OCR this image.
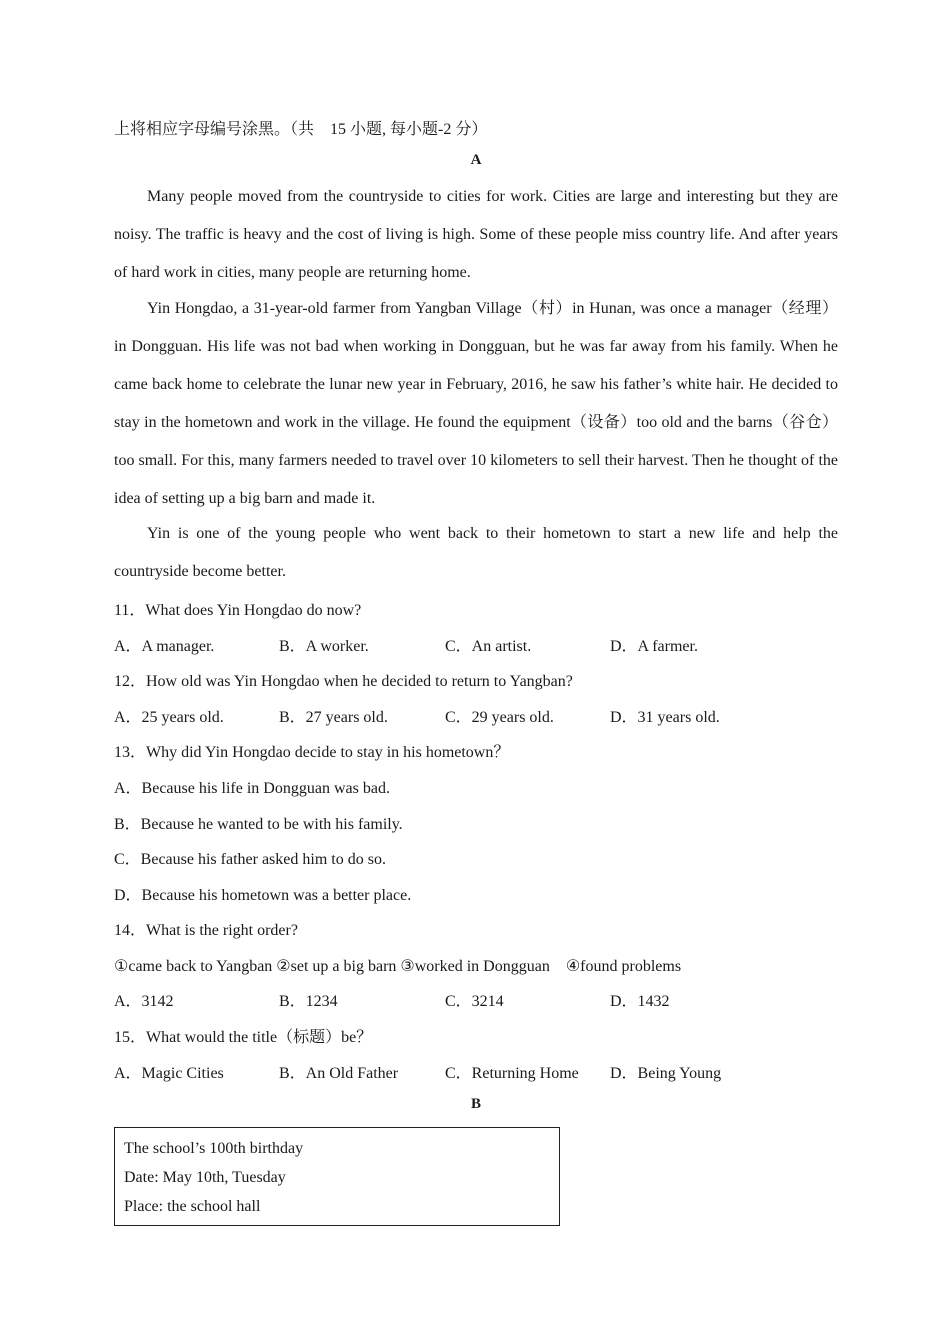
上将相应字母编号涂黑。（共　15 小题, 每小题-2 分）
A

Many people moved from the countryside to cities for work. Cities are large and interesting but they are noisy. The traffic is heavy and the cost of living is high. Some of these people miss country life. And after years of hard work in cities, many people are returning home.

Yin Hongdao, a 31-year-old farmer from Yangban Village（村）in Hunan, was once a manager（经理）in Dongguan. His life was not bad when working in Dongguan, but he was far away from his family. When he came back home to celebrate the lunar new year in February, 2016, he saw his father’s white hair. He decided to stay in the hometown and work in the village. He found the equipment（设备）too old and the barns（谷仓） too small. For this, many farmers needed to travel over 10 kilometers to sell their harvest. Then he thought of the idea of setting up a big barn and made it.

Yin is one of the young people who went back to their hometown to start a new life and help the countryside become better.

11．What does Yin Hongdao do now?
A．A manager.	B．A worker.	C．An artist.	D．A farmer.
12．How old was Yin Hongdao when he decided to return to Yangban?
A．25 years old.	B．27 years old.	C．29 years old.	D．31 years old.
13．Why did Yin Hongdao decide to stay in his hometown？
A．Because his life in Dongguan was bad.
B．Because he wanted to be with his family.
C．Because his father asked him to do so.
D．Because his hometown was a better place.
14．What is the right order?
①came back to Yangban ②set up a big barn ③worked in Dongguan　④found problems
A．3142	B．1234	C．3214	D．1432
15．What would the title（标题）be？
A．Magic Cities	B．An Old Father	C．Returning Home D．Being Young
B
The school’s 100th birthday
Date: May 10th, Tuesday
Place: the school hall
